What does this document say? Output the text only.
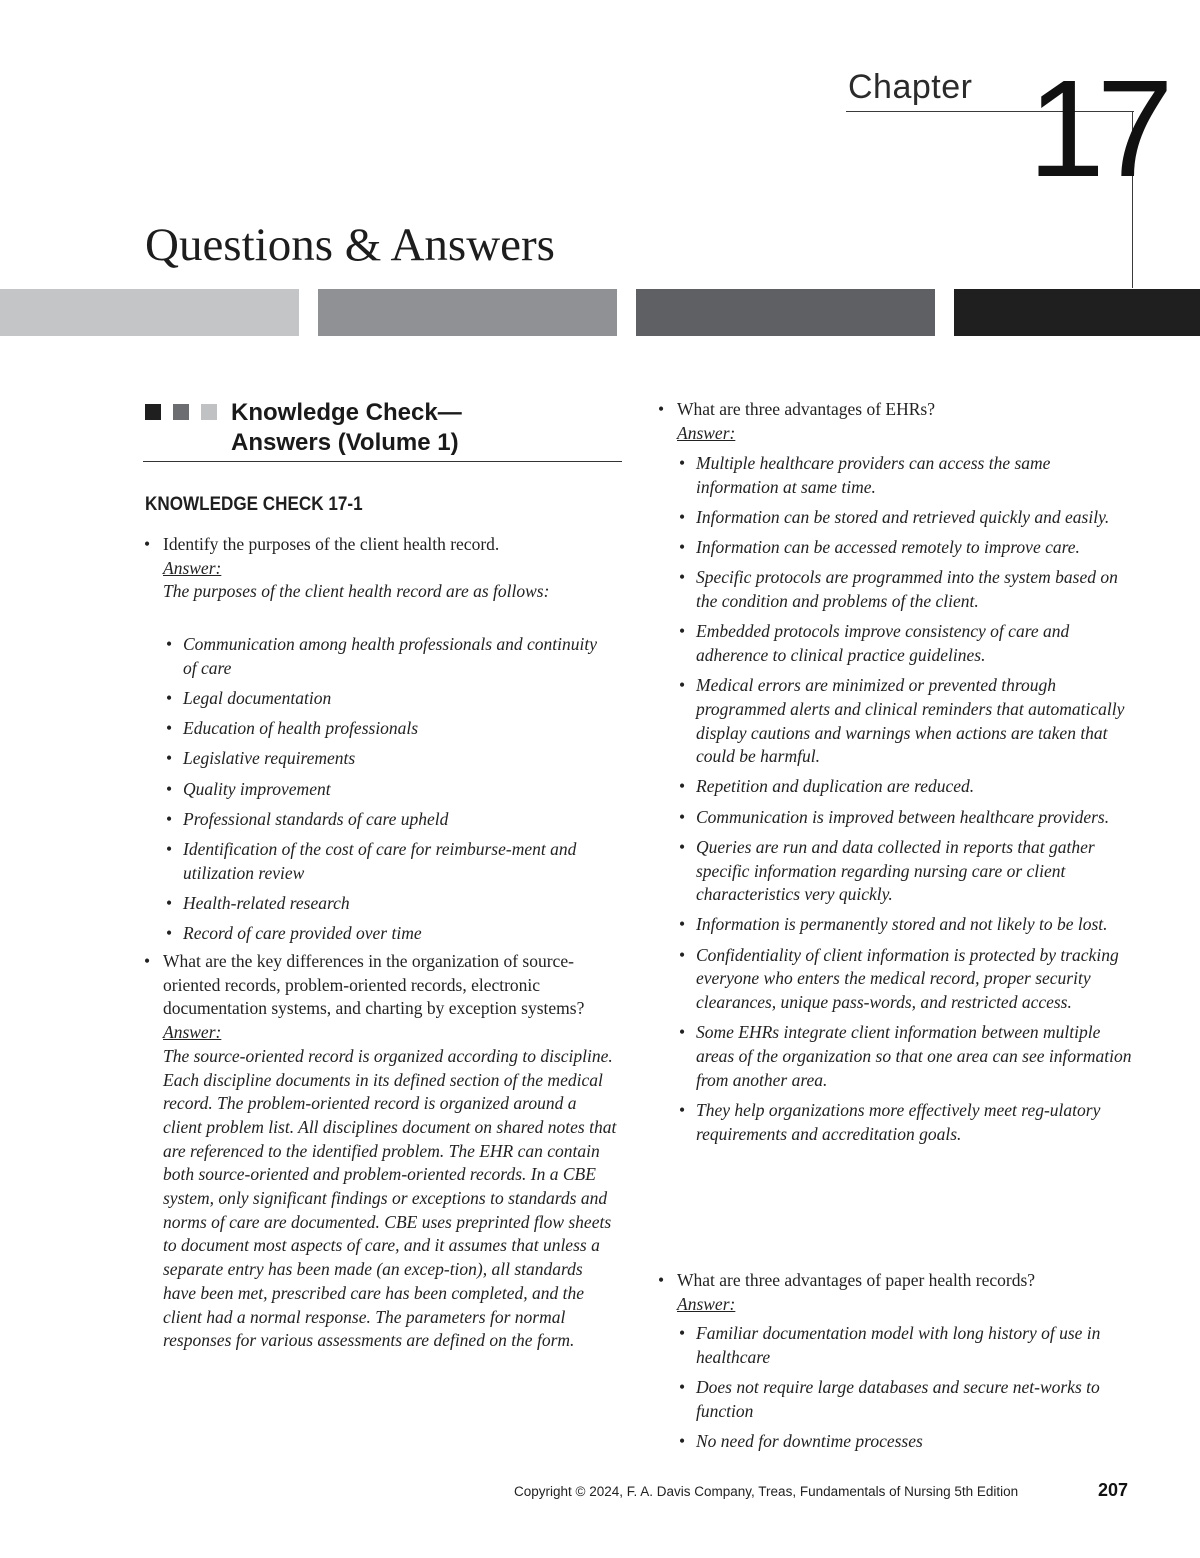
Chapter 17
Questions & Answers
Knowledge Check—
Answers (Volume 1)
KNOWLEDGE CHECK 17-1
• Identify the purposes of the client health record.
Answer:
The purposes of the client health record are as follows:
• Communication among health professionals and continuity of care
• Legal documentation
• Education of health professionals
• Legislative requirements
• Quality improvement
• Professional standards of care upheld
• Identification of the cost of care for reimburse-ment and utilization review
• Health-related research
• Record of care provided over time
• What are the key differences in the organization of source-oriented records, problem-oriented records, electronic documentation systems, and charting by exception systems?
Answer:
The source-oriented record is organized according to discipline. Each discipline documents in its defined section of the medical record. The problem-oriented record is organized around a client problem list. All disciplines document on shared notes that are referenced to the identified problem. The EHR can contain both source-oriented and problem-oriented records. In a CBE system, only significant findings or exceptions to standards and norms of care are documented. CBE uses preprinted flow sheets to document most aspects of care, and it assumes that unless a separate entry has been made (an excep-tion), all standards have been met, prescribed care has been completed, and the client had a normal response. The parameters for normal responses for various assessments are defined on the form.
• What are three advantages of EHRs?
Answer:
• Multiple healthcare providers can access the same information at same time.
• Information can be stored and retrieved quickly and easily.
• Information can be accessed remotely to improve care.
• Specific protocols are programmed into the system based on the condition and problems of the client.
• Embedded protocols improve consistency of care and adherence to clinical practice guidelines.
• Medical errors are minimized or prevented through programmed alerts and clinical reminders that automatically display cautions and warnings when actions are taken that could be harmful.
• Repetition and duplication are reduced.
• Communication is improved between healthcare providers.
• Queries are run and data collected in reports that gather specific information regarding nursing care or client characteristics very quickly.
• Information is permanently stored and not likely to be lost.
• Confidentiality of client information is protected by tracking everyone who enters the medical record, proper security clearances, unique pass-words, and restricted access.
• Some EHRs integrate client information between multiple areas of the organization so that one area can see information from another area.
• They help organizations more effectively meet reg-ulatory requirements and accreditation goals.
• What are three advantages of paper health records?
Answer:
• Familiar documentation model with long history of use in healthcare
• Does not require large databases and secure net-works to function
• No need for downtime processes
Copyright © 2024, F. A. Davis Company, Treas, Fundamentals of Nursing 5th Edition	207
